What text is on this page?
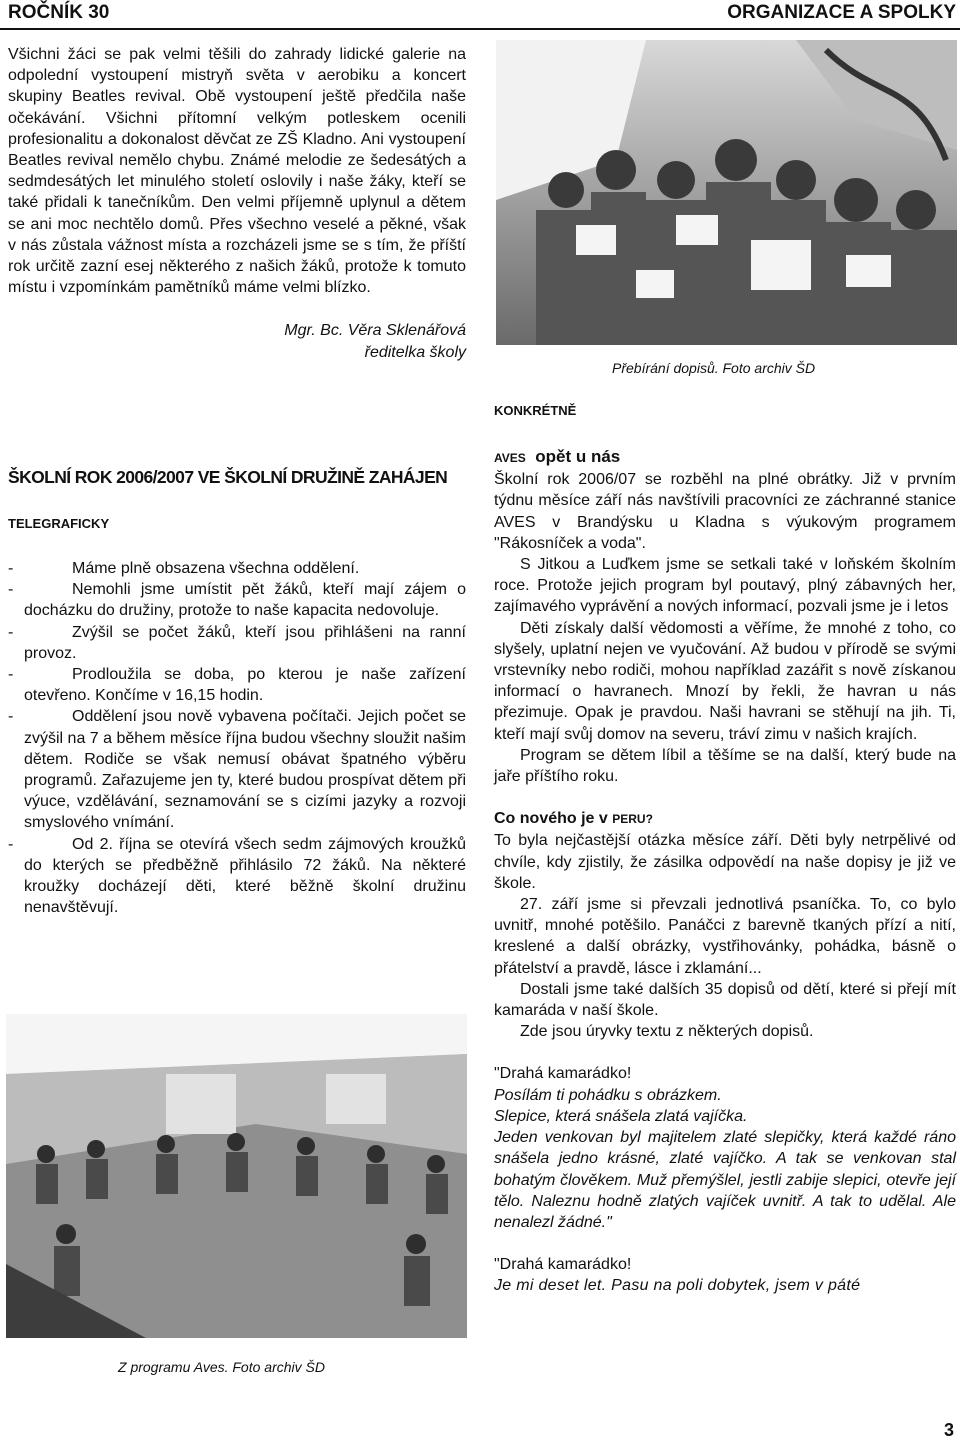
ROČNÍK 30	ORGANIZACE A SPOLKY

Všichni žáci se pak velmi těšili do zahrady lidické galerie na odpolední vystoupení mistryň světa v aerobiku a koncert skupiny Beatles revival. Obě vystoupení ještě předčila naše očekávání. Všichni přítomní velkým potleskem ocenili profesionalitu a dokonalost děvčat ze ZŠ Kladno. Ani vystoupení Beatles revival nemělo chybu. Známé melodie ze šedesátých a sedmdesátých let minulého století oslovily i naše žáky, kteří se také přidali k tanečníkům. Den velmi příjemně uplynul a dětem se ani moc nechtělo domů. Přes všechno veselé a pěkné, však v nás zůstala vážnost místa a rozcházeli jsme se s tím, že příští rok určitě zazní esej některého z našich žáků, protože k tomuto místu i vzpomínkám pamětníků máme velmi blízko.

Mgr. Bc. Věra Sklenářová
ředitelka školy
Přebírání dopisů. Foto archiv ŠD
KONKRÉTNĚ
ŠKOLNÍ ROK 2006/2007 VE ŠKOLNÍ DRUŽINĚ ZAHÁJEN
TELEGRAFICKY
-	Máme plně obsazena všechna oddělení.
-	Nemohli jsme umístit pět žáků, kteří mají zájem o docházku do družiny, protože to naše kapacita nedovoluje.
-	Zvýšil se počet žáků, kteří jsou přihlášeni na ranní provoz.
-	Prodloužila se doba, po kterou je naše zařízení otevřeno. Končíme v 16,15 hodin.
-	Oddělení jsou nově vybavena počítači. Jejich počet se zvýšil na 7 a během měsíce října budou všechny sloužit našim dětem. Rodiče se však nemusí obávat špatného výběru programů. Zařazujeme jen ty, které budou prospívat dětem při výuce, vzdělávání, seznamování se s cizími jazyky a rozvoji smyslového vnímání.
-	Od 2. října se otevírá všech sedm zájmových kroužků do kterých se předběžně přihlásilo 72 žáků. Na některé kroužky docházejí děti, které běžně školní družinu nenavštěvují.
Z programu Aves. Foto archiv ŠD

AVES opět u nás

Školní rok 2006/07 se rozběhl na plné obrátky. Již v prvním týdnu měsíce září nás navštívili pracovníci ze záchranné stanice AVES v Brandýsku u Kladna s výukovým programem "Rákosníček a voda".

S Jitkou a Luďkem jsme se setkali také v loňském školním roce. Protože jejich program byl poutavý, plný zábavných her, zajímavého vyprávění a nových informací, pozvali jsme je i letos

Děti získaly další vědomosti a věříme, že mnohé z toho, co slyšely, uplatní nejen ve vyučování. Až budou v přírodě se svými vrstevníky nebo rodiči, mohou například zazářit s nově získanou informací o havranech. Mnozí by řekli, že havran u nás přezimuje. Opak je pravdou. Naši havrani se stěhují na jih. Ti, kteří mají svůj domov na severu, tráví zimu v našich krajích.

Program se dětem líbil a těšíme se na další, který bude na jaře příštího roku.

Co nového je v PERU?

To byla nejčastější otázka měsíce září. Děti byly netrpělivé od chvíle, kdy zjistily, že zásilka odpovědí na naše dopisy je již ve škole.

27. září jsme si převzali jednotlivá psaníčka. To, co bylo uvnitř, mnohé potěšilo. Panáčci z barevně tkaných přízí a nití, kreslené a další obrázky, vystřihovánky, pohádka, básně o přátelství a pravdě, lásce i zklamání...

Dostali jsme také dalších 35 dopisů od dětí, které si přejí mít kamaráda v naší škole.

Zde jsou úryvky textu z některých dopisů.

"Drahá kamarádko!

Posílám ti pohádku s obrázkem.

Slepice, která snášela zlatá vajíčka.

Jeden venkovan byl majitelem zlaté slepičky, která každé ráno snášela jedno krásné, zlaté vajíčko. A tak se venkovan stal bohatým člověkem. Muž přemýšlel, jestli zabije slepici, otevře její tělo. Naleznu hodně zlatých vajíček uvnitř. A tak to udělal. Ale nenalezl žádné."

"Drahá kamarádko!

Je mi deset let. Pasu na poli dobytek, jsem v páté

3
